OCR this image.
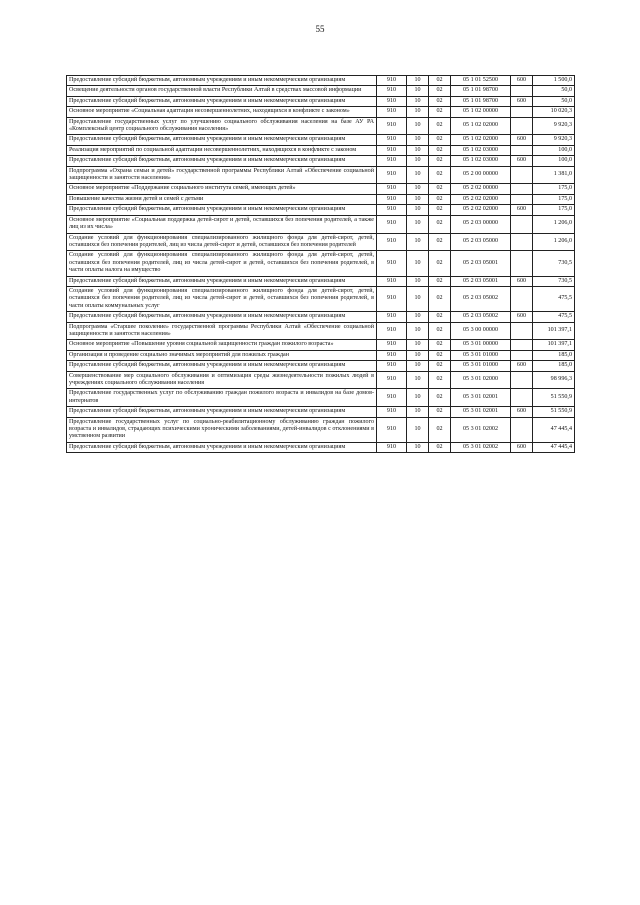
55
Предоставление субсидий бюджетным, автономным учреждениям и иным некоммерческим организациям	910	10	02	05 1 01 52500	600	1 500,0
Освещение деятельности органов государственной власти Республики Алтай в средствах массовой информации	910	10	02	05 1 01 98700		50,0
Предоставление субсидий бюджетным, автономным учреждениям и иным некоммерческим организациям	910	10	02	05 1 01 98700	600	50,0
Основное мероприятие «Социальная адаптация несовершеннолетних, находящихся в конфликте с законом»	910	10	02	05 1 02 00000		10 020,3
Предоставление государственных услуг по улучшению социального обслуживания населения на базе АУ РА «Комплексный центр социального обслуживания населения»	910	10	02	05 1 02 02000		9 920,3
Предоставление субсидий бюджетным, автономным учреждениям и иным некоммерческим организациям	910	10	02	05 1 02 02000	600	9 920,3
Реализация мероприятий по социальной адаптации несовершеннолетних, находящихся в конфликте с законом	910	10	02	05 1 02 03000		100,0
Предоставление субсидий бюджетным, автономным учреждениям и иным некоммерческим организациям	910	10	02	05 1 02 03000	600	100,0
Подпрограмма «Охрана семьи и детей» государственной программы Республики Алтай «Обеспечение социальной защищенности и занятости населения»	910	10	02	05 2 00 00000		1 381,0
Основное мероприятие «Поддержание социального института семей, имеющих детей»	910	10	02	05 2 02 00000		175,0
Повышение качества жизни детей и семей с детьми	910	10	02	05 2 02 02000		175,0
Предоставление субсидий бюджетным, автономным учреждениям и иным некоммерческим организациям	910	10	02	05 2 02 02000	600	175,0
Основное мероприятие «Социальная поддержка детей-сирот и детей, оставшихся без попечения родителей, а также лиц из их числа»	910	10	02	05 2 03 00000		1 206,0
Создание условий для функционирования специализированного жилищного фонда для детей-сирот, детей, оставшихся без попечения родителей, лиц из числа детей-сирот и детей, оставшихся без попечения родителей	910	10	02	05 2 03 05000		1 206,0
Создание условий для функционирования специализированного жилищного фонда для детей-сирот, детей, оставшихся без попечения родителей, лиц из числа детей-сирот и детей, оставшихся без попечения родителей, в части оплаты налога на имущество	910	10	02	05 2 03 05001		730,5
Предоставление субсидий бюджетным, автономным учреждениям и иным некоммерческим организациям	910	10	02	05 2 03 05001	600	730,5
Создание условий для функционирования специализированного жилищного фонда для детей-сирот, детей, оставшихся без попечения родителей, лиц из числа детей-сирот и детей, оставшихся без попечения родителей, в части оплаты коммунальных услуг	910	10	02	05 2 03 05002		475,5
Предоставление субсидий бюджетным, автономным учреждениям и иным некоммерческим организациям	910	10	02	05 2 03 05002	600	475,5
Подпрограмма «Старшее поколение» государственной программы Республики Алтай «Обеспечение социальной защищенности и занятости населения»	910	10	02	05 3 00 00000		101 397,1
Основное мероприятие «Повышение уровня социальной защищенности граждан пожилого возраста»	910	10	02	05 3 01 00000		101 397,1
Организация и проведение социально значимых мероприятий для пожилых граждан	910	10	02	05 3 01 01000		185,0
Предоставление субсидий бюджетным, автономным учреждениям и иным некоммерческим организациям	910	10	02	05 3 01 01000	600	185,0
Совершенствование мер социального обслуживания и оптимизация среды жизнедеятельности пожилых людей в учреждениях социального обслуживания населения	910	10	02	05 3 01 02000		98 996,3
Предоставление государственных услуг по обслуживанию граждан пожилого возраста и инвалидов на базе домов-интернатов	910	10	02	05 3 01 02001		51 550,9
Предоставление субсидий бюджетным, автономным учреждениям и иным некоммерческим организациям	910	10	02	05 3 01 02001	600	51 550,9
Предоставление государственных услуг по социально-реабилитационному обслуживанию граждан пожилого возраста и инвалидов, страдающих психическими хроническими заболеваниями, детей-инвалидов с отклонениями в умственном развитии	910	10	02	05 3 01 02002		47 445,4
Предоставление субсидий бюджетным, автономным учреждениям и иным некоммерческим организациям	910	10	02	05 3 01 02002	600	47 445,4
